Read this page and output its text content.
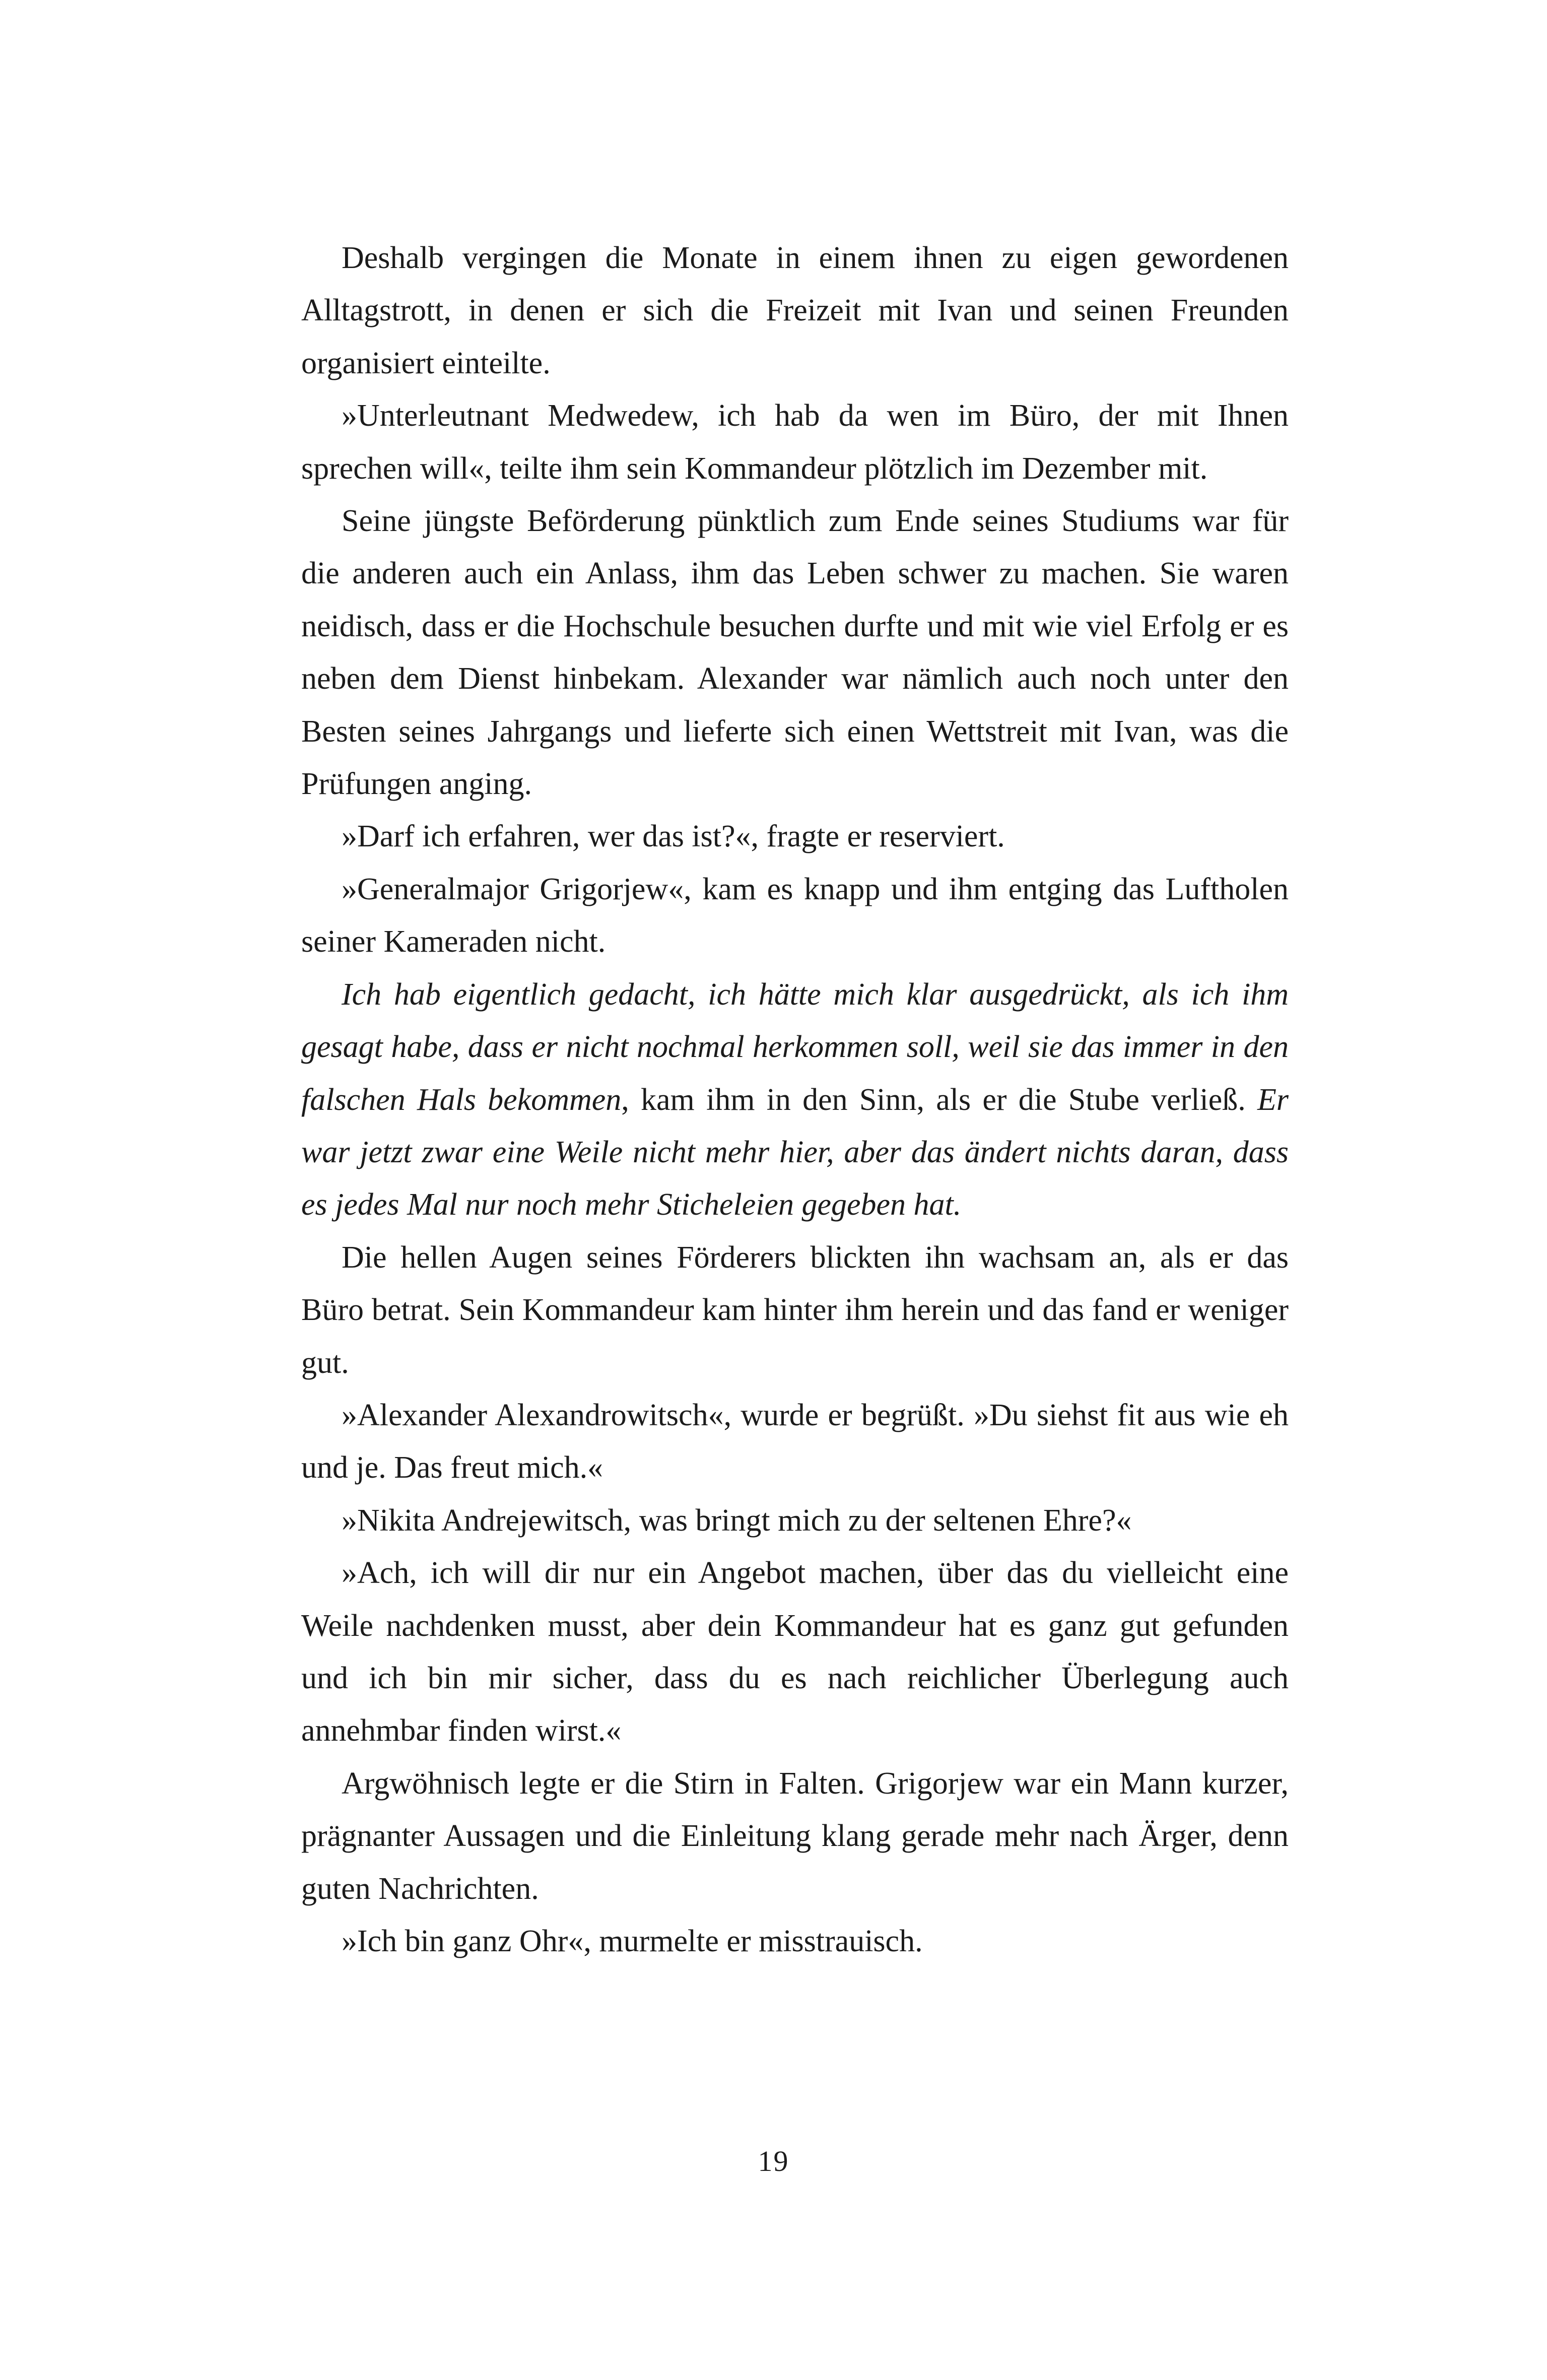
Deshalb vergingen die Monate in einem ihnen zu eigen gewordenen Alltagstrott, in denen er sich die Freizeit mit Ivan und seinen Freunden organisiert einteilte.

»Unterleutnant Medwedew, ich hab da wen im Büro, der mit Ihnen sprechen will«, teilte ihm sein Kommandeur plötzlich im Dezember mit.

Seine jüngste Beförderung pünktlich zum Ende seines Studiums war für die anderen auch ein Anlass, ihm das Leben schwer zu machen. Sie waren neidisch, dass er die Hochschule besuchen durfte und mit wie viel Erfolg er es neben dem Dienst hinbekam. Alexander war nämlich auch noch unter den Besten seines Jahrgangs und lieferte sich einen Wettstreit mit Ivan, was die Prüfungen anging.

»Darf ich erfahren, wer das ist?«, fragte er reserviert.

»Generalmajor Grigorjew«, kam es knapp und ihm entging das Luftholen seiner Kameraden nicht.

Ich hab eigentlich gedacht, ich hätte mich klar ausgedrückt, als ich ihm gesagt habe, dass er nicht nochmal herkommen soll, weil sie das immer in den falschen Hals bekommen, kam ihm in den Sinn, als er die Stube verließ. Er war jetzt zwar eine Weile nicht mehr hier, aber das ändert nichts daran, dass es jedes Mal nur noch mehr Sticheleien gegeben hat.

Die hellen Augen seines Förderers blickten ihn wachsam an, als er das Büro betrat. Sein Kommandeur kam hinter ihm herein und das fand er weniger gut.

»Alexander Alexandrowitsch«, wurde er begrüßt. »Du siehst fit aus wie eh und je. Das freut mich.«

»Nikita Andrejewitsch, was bringt mich zu der seltenen Ehre?«

»Ach, ich will dir nur ein Angebot machen, über das du vielleicht eine Weile nachdenken musst, aber dein Kommandeur hat es ganz gut gefunden und ich bin mir sicher, dass du es nach reichlicher Überlegung auch annehmbar finden wirst.«

Argwöhnisch legte er die Stirn in Falten. Grigorjew war ein Mann kurzer, prägnanter Aussagen und die Einleitung klang gerade mehr nach Ärger, denn guten Nachrichten.

»Ich bin ganz Ohr«, murmelte er misstrauisch.

19
